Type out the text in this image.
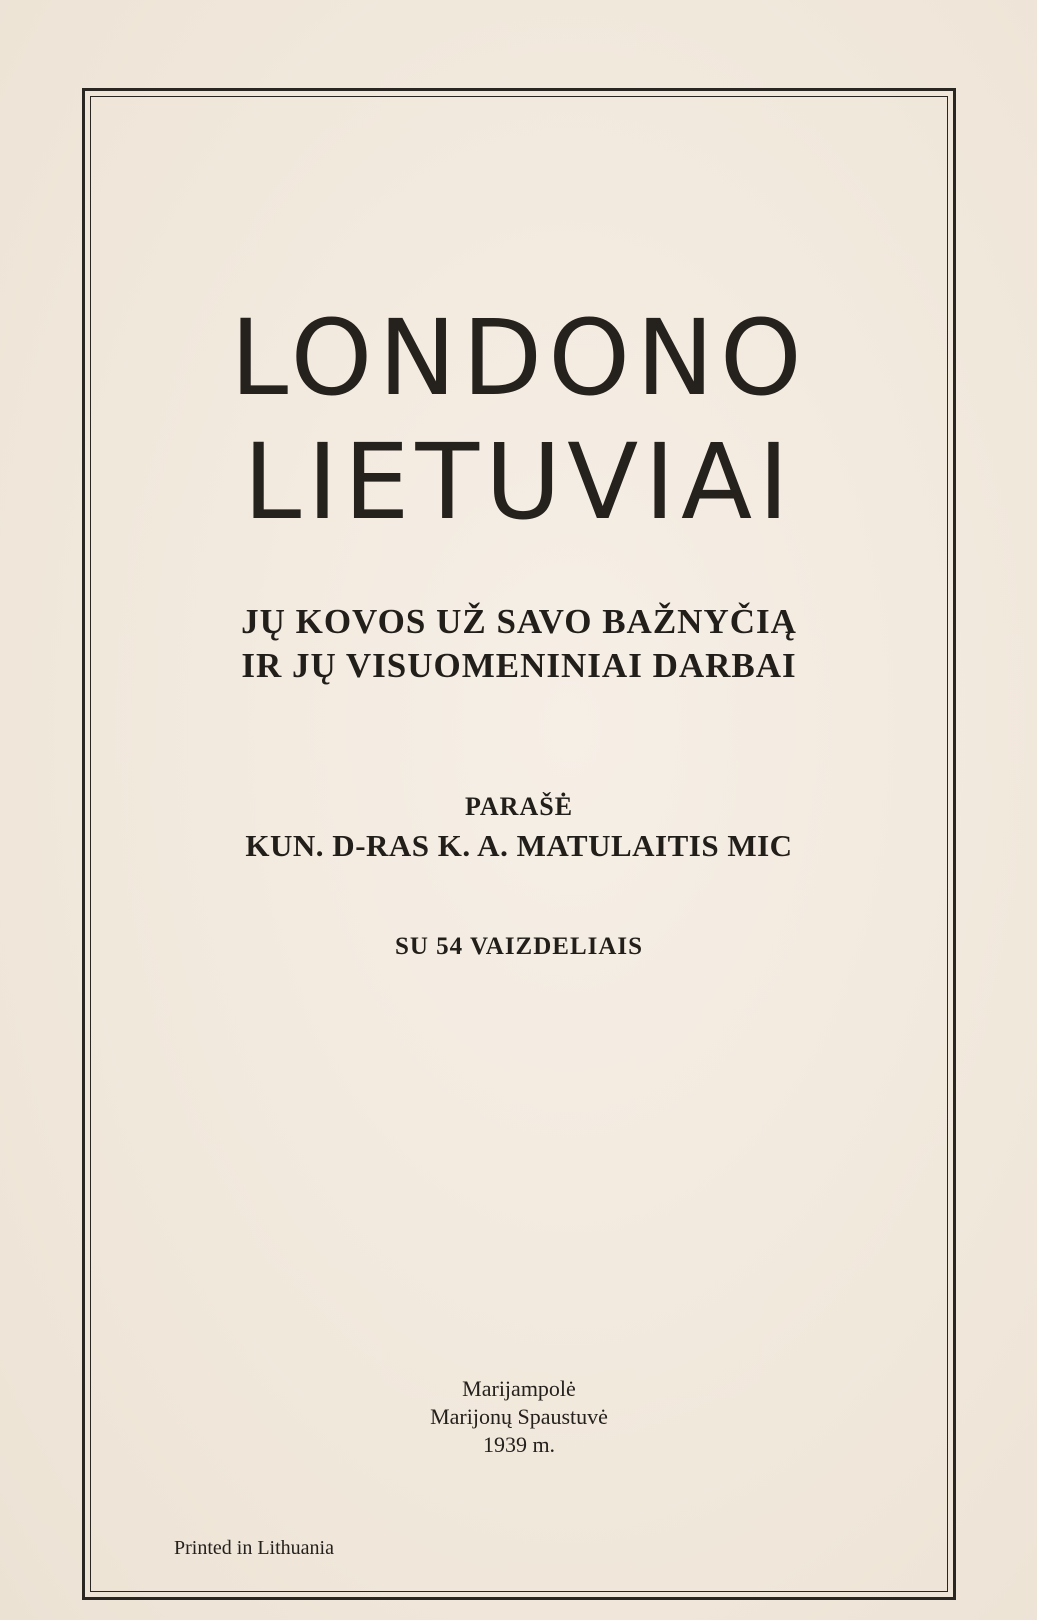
LONDONO
LIETUVIAI
JŲ KOVOS UŽ SAVO BAŽNYČIĄ
IR JŲ VISUOMENINIAI DARBAI
PARAŠĖ
KUN. D-RAS K. A. MATULAITIS MIC
SU 54 VAIZDELIAIS
Marijampolė
Marijonų Spaustuvė
1939 m.
Printed in Lithuania
